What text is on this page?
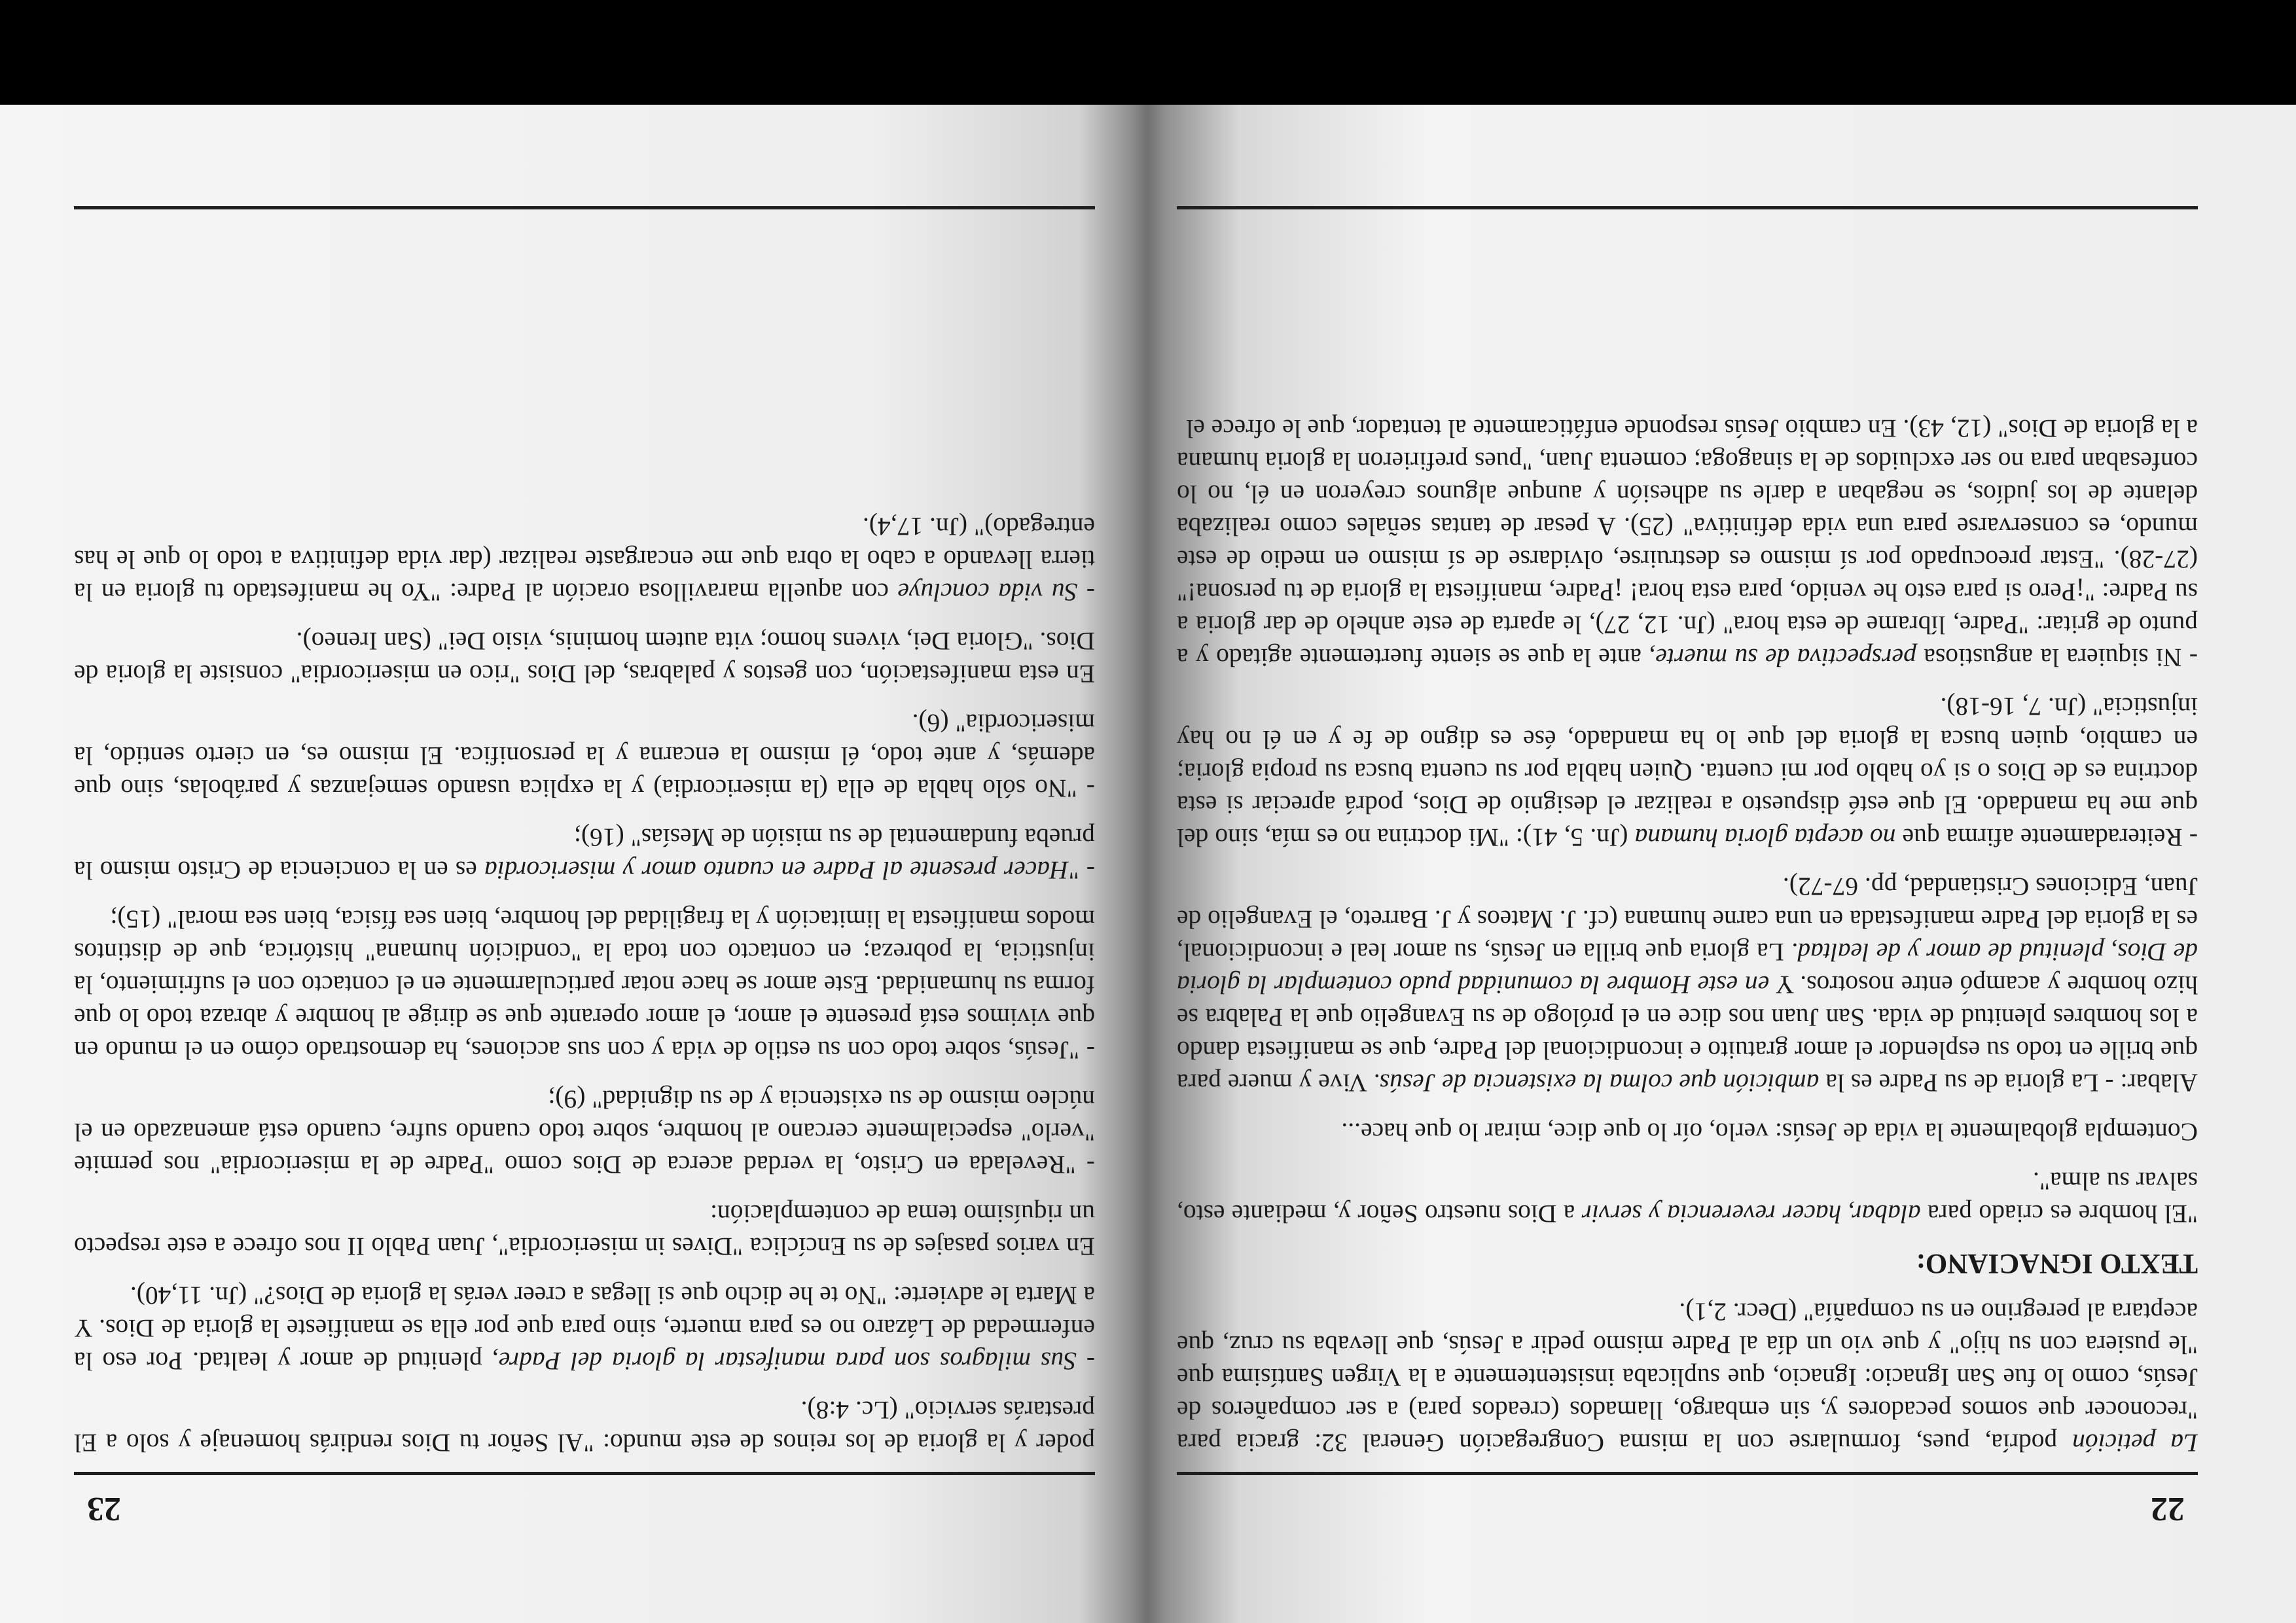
22

La petición podría, pues, formularse con la misma Congregación General 32: gracia para "reconocer que somos pecadores y, sin embargo, llamados (creados para) a ser compañeros de Jesús, como lo fue San Ignacio: Ignacio, que suplicaba insistentemente a la Virgen Santísima que "le pusiera con su hijo" y que vio un día al Padre mismo pedir a Jesús, que llevaba su cruz, que aceptara al peregrino en su compañía" (Decr. 2,1).

TEXTO IGNACIANO:

"El hombre es criado para alabar, hacer reverencia y servir a Dios nuestro Señor y, mediante esto, salvar su alma".

Contempla globalmente la vida de Jesús: verlo, oír lo que dice, mirar lo que hace...

Alabar: - La gloria de su Padre es la ambición que colma la existencia de Jesús. Vive y muere para que brille en todo su esplendor el amor gratuito e incondicional del Padre, que se manifiesta dando a los hombres plenitud de vida. San Juan nos dice en el prólogo de su Evangelio que la Palabra se hizo hombre y acampó entre nosotros. Y en este Hombre la comunidad pudo contemplar la gloria de Dios, plenitud de amor y de lealtad. La gloria que brilla en Jesús, su amor leal e incondicional, es la gloria del Padre manifestada en una carne humana (cf. J. Mateos y J. Barreto, el Evangelio de Juan, Ediciones Cristiandad, pp. 67-72).

- Reiteradamente afirma que no acepta gloria humana (Jn. 5, 41): "Mi doctrina no es mía, sino del que me ha mandado. El que esté dispuesto a realizar el designio de Dios, podrá apreciar si esta doctrina es de Dios o si yo hablo por mi cuenta. Quien habla por su cuenta busca su propia gloria; en cambio, quien busca la gloria del que lo ha mandado, ése es digno de fe y en él no hay injusticia" (Jn. 7, 16-18).

- Ni siquiera la angustiosa perspectiva de su muerte, ante la que se siente fuertemente agitado y a punto de gritar: "Padre, líbrame de esta hora" (Jn. 12, 27), le aparta de este anhelo de dar gloria a su Padre: "¡Pero si para esto he venido, para esta hora! ¡Padre, manifiesta la gloria de tu persona!" (27-28). "Estar preocupado por sí mismo es destruirse, olvidarse de sí mismo en medio de este mundo, es conservarse para una vida definitiva" (25). A pesar de tantas señales como realizaba delante de los judíos, se negaban a darle su adhesión y aunque algunos creyeron en él, no lo confesaban para no ser excluidos de la sinagoga; comenta Juan, "pues prefirieron la gloria humana a la gloria de Dios" (12, 43). En cambio Jesús responde enfáticamente al tentador, que le ofrece el

23

poder y la gloria de los reinos de este mundo: "Al Señor tu Dios rendirás homenaje y solo a El prestarás servicio" (Lc. 4:8).

- Sus milagros son para manifestar la gloria del Padre, plenitud de amor y lealtad. Por eso la enfermedad de Lázaro no es para muerte, sino para que por ella se manifieste la gloria de Dios. Y a Marta le advierte: "No te he dicho que si llegas a creer verás la gloria de Dios?" (Jn. 11,40).

En varios pasajes de su Encíclica "Dives in misericordia", Juan Pablo II nos ofrece a este respecto un riquísimo tema de contemplación:

- "Revelada en Cristo, la verdad acerca de Dios como "Padre de la misericordia" nos permite "verlo" especialmente cercano al hombre, sobre todo cuando sufre, cuando está amenazado en el núcleo mismo de su existencia y de su dignidad" (9);

- "Jesús, sobre todo con su estilo de vida y con sus acciones, ha demostrado cómo en el mundo en que vivimos está presente el amor, el amor operante que se dirige al hombre y abraza todo lo que forma su humanidad. Este amor se hace notar particularmente en el contacto con el sufrimiento, la injusticia, la pobreza; en contacto con toda la "condición humana" histórica, que de distintos modos manifiesta la limitación y la fragilidad del hombre, bien sea física, bien sea moral" (15);

- "Hacer presente al Padre en cuanto amor y misericordia es en la conciencia de Cristo mismo la prueba fundamental de su misión de Mesías" (16);

- "No sólo habla de ella (la misericordia) y la explica usando semejanzas y parábolas, sino que además, y ante todo, él mismo la encarna y la personifica. El mismo es, en cierto sentido, la misericordia" (6).

En esta manifestación, con gestos y palabras, del Dios "rico en misericordia" consiste la gloria de Dios. "Gloria Dei, vivens homo; vita autem hominis, visio Dei" (San Ireneo).

- Su vida concluye con aquella maravillosa oración al Padre: "Yo he manifestado tu gloria en la tierra llevando a cabo la obra que me encargaste realizar (dar vida definitiva a todo lo que le has entregado)" (Jn. 17,4).
